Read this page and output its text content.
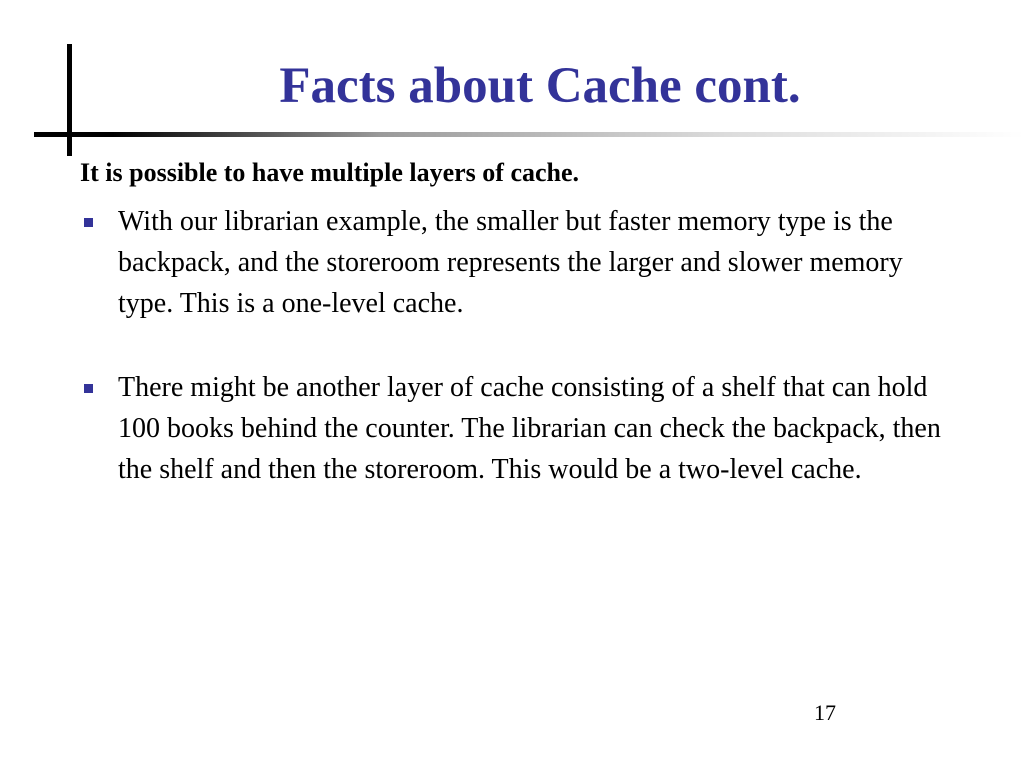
Facts about Cache cont.

It is possible to have multiple layers of cache.

With our librarian example, the smaller but faster memory type is the backpack, and the storeroom represents the larger and slower memory type. This is a one-level cache.
There might be another layer of cache consisting of a shelf that can hold 100 books behind the counter. The librarian can check the backpack, then the shelf and then the storeroom. This would be a two-level cache.
17
